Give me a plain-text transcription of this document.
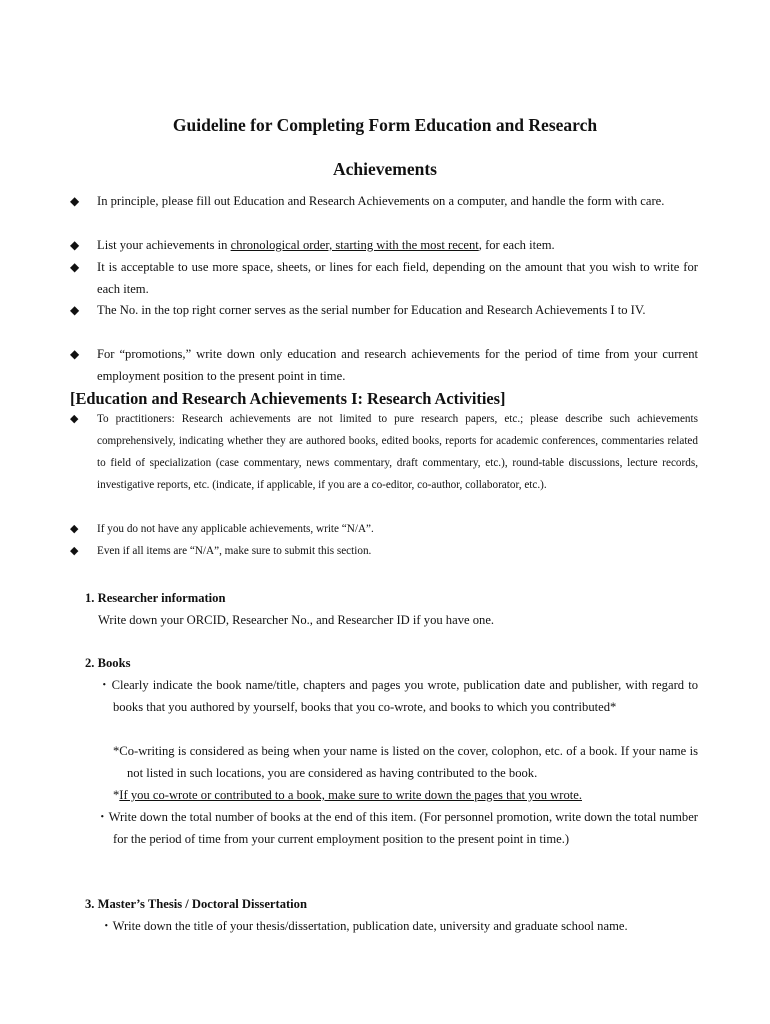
Guideline for Completing Form Education and Research
Achievements
◆ In principle, please fill out Education and Research Achievements on a computer, and handle the form with care.
◆ List your achievements in chronological order, starting with the most recent, for each item.
◆ It is acceptable to use more space, sheets, or lines for each field, depending on the amount that you wish to write for each item.
◆ The No. in the top right corner serves as the serial number for Education and Research Achievements I to IV.
◆ For “promotions,” write down only education and research achievements for the period of time from your current employment position to the present point in time.
[Education and Research Achievements I: Research Activities]
◆ To practitioners: Research achievements are not limited to pure research papers, etc.; please describe such achievements comprehensively, indicating whether they are authored books, edited books, reports for academic conferences, commentaries related to field of specialization (case commentary, news commentary, draft commentary, etc.), round-table discussions, lecture records, investigative reports, etc. (indicate, if applicable, if you are a co-editor, co-author, collaborator, etc.).
◆ If you do not have any applicable achievements, write “N/A”.
◆ Even if all items are “N/A”, make sure to submit this section.
1. Researcher information
Write down your ORCID, Researcher No., and Researcher ID if you have one.
2. Books
・Clearly indicate the book name/title, chapters and pages you wrote, publication date and publisher, with regard to books that you authored by yourself, books that you co-wrote, and books to which you contributed*
*Co-writing is considered as being when your name is listed on the cover, colophon, etc. of a book. If your name is not listed in such locations, you are considered as having contributed to the book.
*If you co-wrote or contributed to a book, make sure to write down the pages that you wrote.
・Write down the total number of books at the end of this item. (For personnel promotion, write down the total number for the period of time from your current employment position to the present point in time.)
3. Master’s Thesis / Doctoral Dissertation
・Write down the title of your thesis/dissertation, publication date, university and graduate school name.
